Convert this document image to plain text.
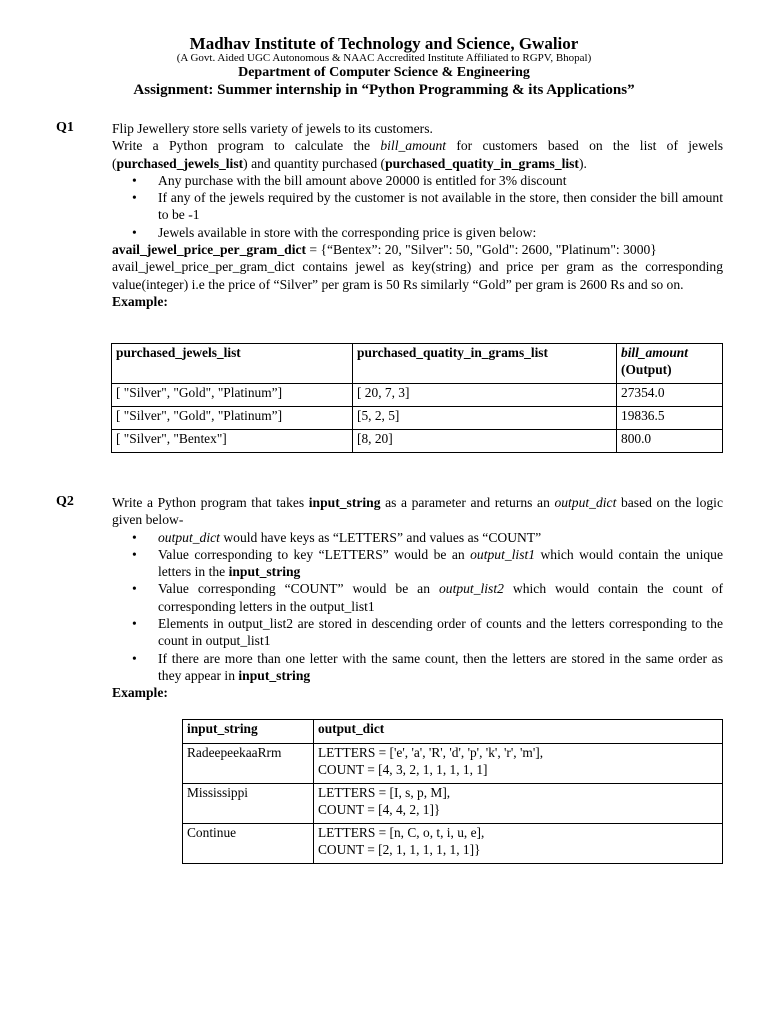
Madhav Institute of Technology and Science, Gwalior
(A Govt. Aided UGC Autonomous & NAAC Accredited Institute Affiliated to RGPV, Bhopal)
Department of Computer Science & Engineering
Assignment: Summer internship in “Python Programming & its Applications”
Q1	Flip Jewellery store sells variety of jewels to its customers.
Write a Python program to calculate the bill_amount for customers based on the list of jewels (purchased_jewels_list) and quantity purchased (purchased_quatity_in_grams_list).
• Any purchase with the bill amount above 20000 is entitled for 3% discount
• If any of the jewels required by the customer is not available in the store, then consider the bill amount to be -1
• Jewels available in store with the corresponding price is given below:
avail_jewel_price_per_gram_dict = {“Bentex”: 20, "Silver": 50, "Gold": 2600, "Platinum": 3000}
avail_jewel_price_per_gram_dict contains jewel as key(string) and price per gram as the corresponding value(integer) i.e the price of “Silver” per gram is 50 Rs similarly “Gold” per gram is 2600 Rs and so on.
Example:
purchased_jewels_list	purchased_quatity_in_grams_list	bill_amount
(Output)
[ "Silver", "Gold", "Platinum”]	[ 20, 7, 3]	27354.0
[ "Silver", "Gold", "Platinum”]	[5, 2, 5]	19836.5
[ "Silver", "Bentex"]	[8, 20]	800.0
Q2	Write a Python program that takes input_string as a parameter and returns an output_dict based on the logic given below-
• output_dict would have keys as “LETTERS” and values as “COUNT”
• Value corresponding to key “LETTERS” would be an output_list1 which would contain the unique letters in the input_string
• Value corresponding “COUNT” would be an output_list2 which would contain the count of corresponding letters in the output_list1
• Elements in output_list2 are stored in descending order of counts and the letters corresponding to the count in output_list1
• If there are more than one letter with the same count, then the letters are stored in the same order as they appear in input_string
Example:
input_string	output_dict
RadeepeekaaRrm	LETTERS = ['e', 'a', 'R', 'd', 'p', 'k', 'r', 'm'],
COUNT = [4, 3, 2, 1, 1, 1, 1, 1]
Mississippi	LETTERS = [I, s, p, M],
COUNT = [4, 4, 2, 1]}
Continue	LETTERS = [n, C, o, t, i, u, e],
COUNT = [2, 1, 1, 1, 1, 1, 1]}
